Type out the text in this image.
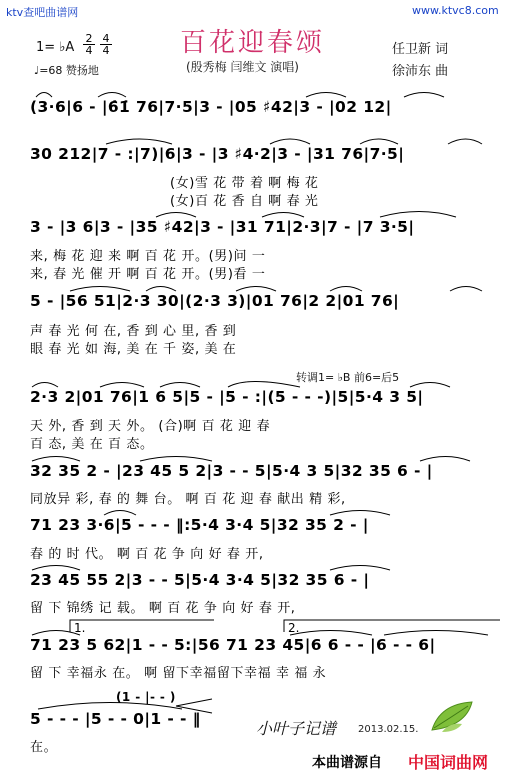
ktv查吧曲谱网	www.ktvc8.com
百花迎春颂
(殷秀梅 闫维文 演唱)
1= ♭A $\frac{2}{4} \frac{4}{4}$
♩=68 赞扬地
任卫新 词
徐沛东 曲
(3·6|6 - |6̇1̇ 76|7·5|3 - |05 ♯42|3 - |02 12|
30 212|7 - :|7)|6|3 - |3 ♯4·2|3 - |31 76|7·5|
(女)雪 花 带 着 啊 梅 花
(女)百 花 香 自 啊 春 光
3 - |3 6|3 - |35 ♯42|3 - |31 71|2·3|7 - |7 3·5|
来, 梅 花 迎 来 啊 百 花 开。(男)问 一
来, 春 光 催 开 啊 百 花 开。(男)看 一
5 - |56 51|2·3 30|(2·3 3)|01 76|2 2|01 76|
声 春 光 何 在, 香 到 心 里, 香 到
眼 春 光 如 海, 美 在 千 姿, 美 在
转调1= ♭B 前6=后5
2·3 2|01 76|1 6 5|5 - |5 - :|(5 - - -)|5|5·4 3 5|
天 外, 香 到 天 外。 (合)啊 百 花 迎 春
百 态, 美 在 百 态。
32 35 2 - |23 45 5 2|3 - - 5|5·4 3 5|32 35 6 - |
同放异 彩, 春 的 舞 台。 啊 百 花 迎 春 献出 精 彩,
71 23 3·6|5 - - - ‖:5·4 3·4 5|32 35 2 - |
春 的 时 代。 啊 百 花 争 向 好 春 开,
23 45 55 2|3 - - 5|5·4 3·4 5|32 35 6 - |
留 下 锦绣 记 载。 啊 百 花 争 向 好 春 开,
1.	2.
71 23 5 62|1 - - 5:|56 71 23 45|6 6 - - |6 - - 6|
留 下 幸福永 在。 啊 留下幸福留下幸福 幸 福 永
(1 - |- - )
5 - - - |5 - - 0|1 - - ‖
在。
小叶子记谱 2013.02.15.
本曲谱源自 中国词曲网
